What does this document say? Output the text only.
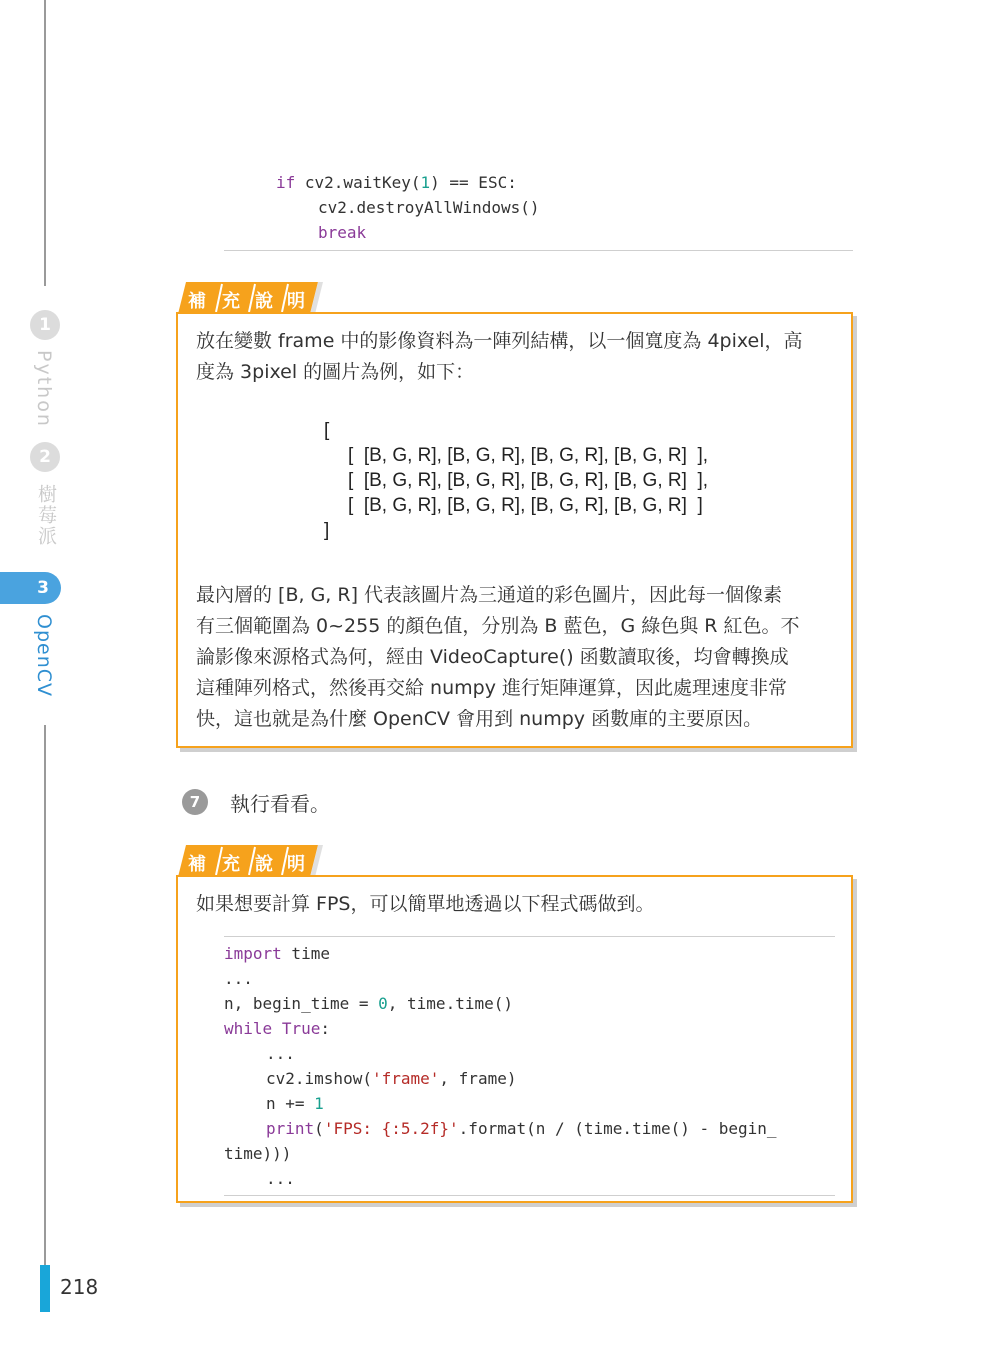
1
Python
2
樹莓派
3
OpenCV
218
if cv2.waitKey(1) == ESC:
cv2.destroyAllWindows()
break
補 充 說 明
放在變數 frame 中的影像資料為一陣列結構，以一個寬度為 4pixel，高
度為 3pixel 的圖片為例，如下：
[
[  [B, G, R], [B, G, R], [B, G, R], [B, G, R]  ],
[  [B, G, R], [B, G, R], [B, G, R], [B, G, R]  ],
[  [B, G, R], [B, G, R], [B, G, R], [B, G, R]  ]
]
最內層的 [B, G, R] 代表該圖片為三通道的彩色圖片，因此每一個像素
有三個範圍為 0~255 的顏色值，分別為 B 藍色，G 綠色與 R 紅色。不
論影像來源格式為何，經由 VideoCapture() 函數讀取後，均會轉換成
這種陣列格式，然後再交給 numpy 進行矩陣運算，因此處理速度非常
快，這也就是為什麼 OpenCV 會用到 numpy 函數庫的主要原因。
7	執行看看。
補 充 說 明
如果想要計算 FPS，可以簡單地透過以下程式碼做到。
import time
...
n, begin_time = 0, time.time()
while True:
...
cv2.imshow('frame', frame)
n += 1
print('FPS: {:5.2f}'.format(n / (time.time() - begin_
time)))
...
